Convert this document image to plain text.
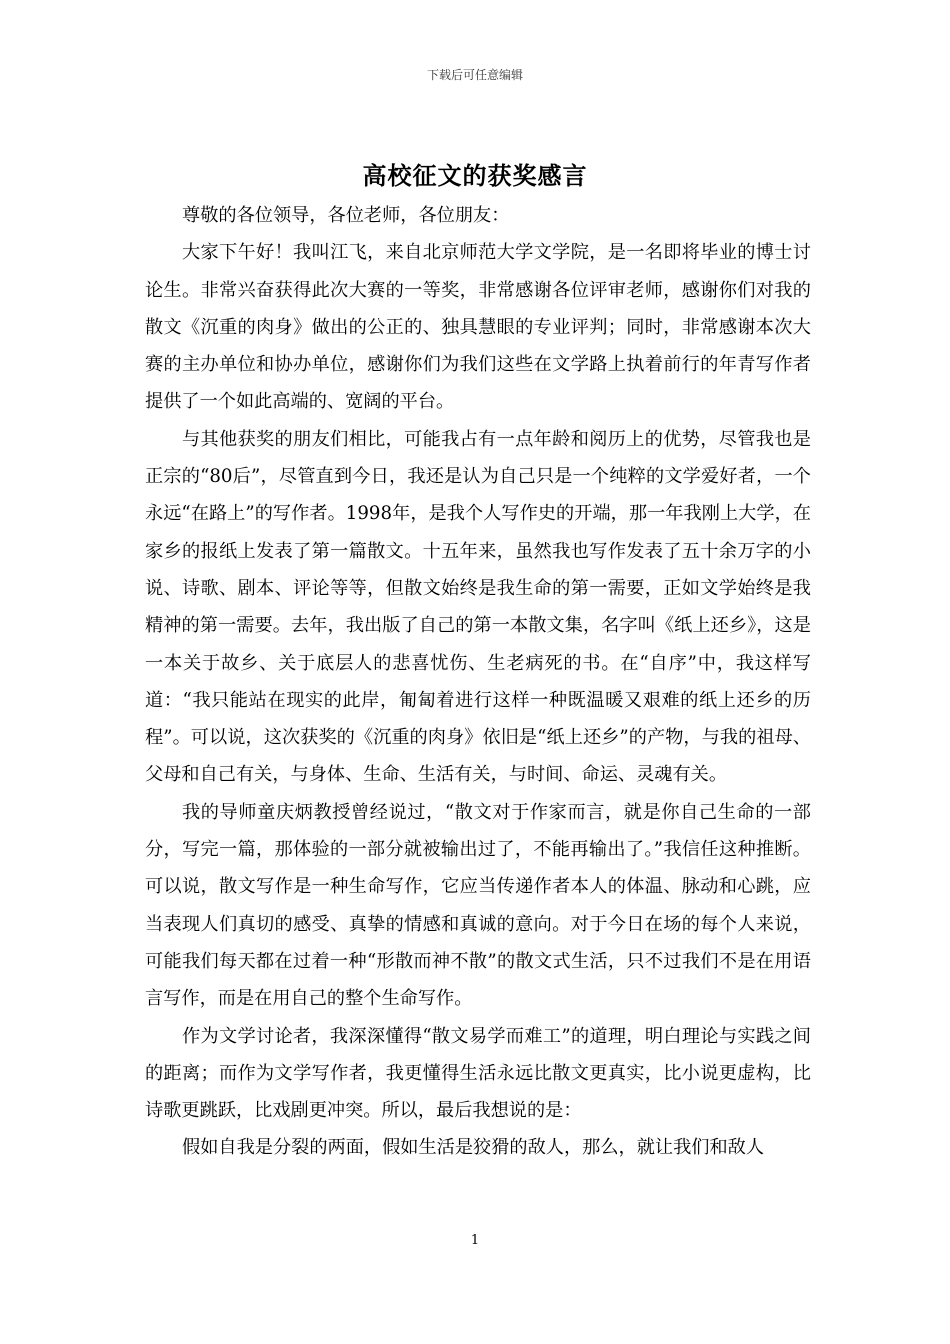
下载后可任意编辑
高校征文的获奖感言

尊敬的各位领导，各位老师，各位朋友：

大家下午好！我叫江飞，来自北京师范大学文学院，是一名即将毕业的博士讨论生。非常兴奋获得此次大赛的一等奖，非常感谢各位评审老师，感谢你们对我的散文《沉重的肉身》做出的公正的、独具慧眼的专业评判；同时，非常感谢本次大赛的主办单位和协办单位，感谢你们为我们这些在文学路上执着前行的年青写作者提供了一个如此高端的、宽阔的平台。

与其他获奖的朋友们相比，可能我占有一点年龄和阅历上的优势，尽管我也是正宗的“80后”，尽管直到今日，我还是认为自己只是一个纯粹的文学爱好者，一个永远“在路上”的写作者。1998年，是我个人写作史的开端，那一年我刚上大学，在家乡的报纸上发表了第一篇散文。十五年来，虽然我也写作发表了五十余万字的小说、诗歌、剧本、评论等等，但散文始终是我生命的第一需要，正如文学始终是我精神的第一需要。去年，我出版了自己的第一本散文集，名字叫《纸上还乡》，这是一本关于故乡、关于底层人的悲喜忧伤、生老病死的书。在“自序”中，我这样写道：“我只能站在现实的此岸，匍匐着进行这样一种既温暖又艰难的纸上还乡的历程”。可以说，这次获奖的《沉重的肉身》依旧是“纸上还乡”的产物，与我的祖母、父母和自己有关，与身体、生命、生活有关，与时间、命运、灵魂有关。

我的导师童庆炳教授曾经说过，“散文对于作家而言，就是你自己生命的一部分，写完一篇，那体验的一部分就被输出过了，不能再输出了。”我信任这种推断。可以说，散文写作是一种生命写作，它应当传递作者本人的体温、脉动和心跳，应当表现人们真切的感受、真挚的情感和真诚的意向。对于今日在场的每个人来说，可能我们每天都在过着一种“形散而神不散”的散文式生活，只不过我们不是在用语言写作，而是在用自己的整个生命写作。

作为文学讨论者，我深深懂得“散文易学而难工”的道理，明白理论与实践之间的距离；而作为文学写作者，我更懂得生活永远比散文更真实，比小说更虚构，比诗歌更跳跃，比戏剧更冲突。所以，最后我想说的是：

假如自我是分裂的两面，假如生活是狡猾的敌人，那么，就让我们和敌人

1
